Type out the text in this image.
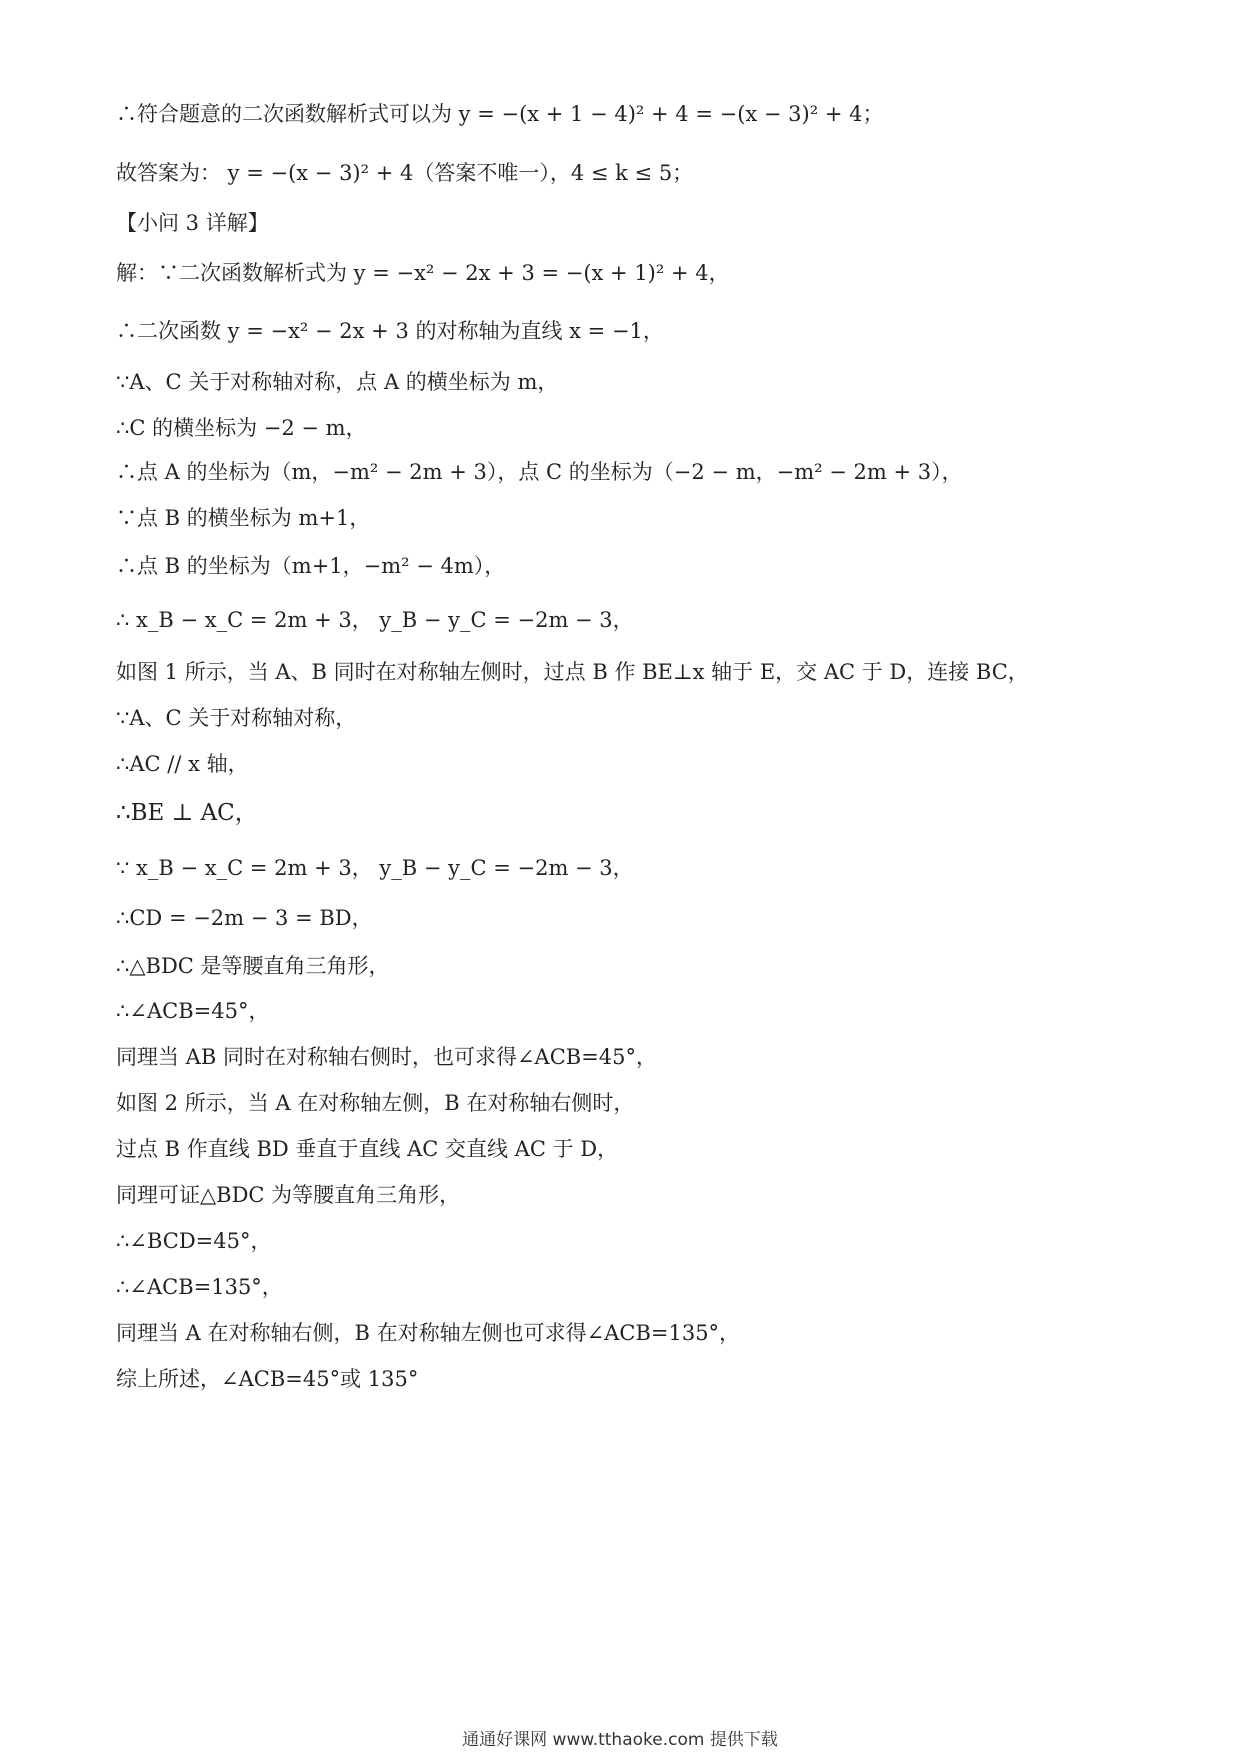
∴符合题意的二次函数解析式可以为 y = −(x + 1 − 4)² + 4 = −(x − 3)² + 4；
故答案为： y = −(x − 3)² + 4（答案不唯一），4 ≤ k ≤ 5；
【小问 3 详解】
解：∵二次函数解析式为 y = −x² − 2x + 3 = −(x + 1)² + 4，
∴二次函数 y = −x² − 2x + 3 的对称轴为直线 x = −1，
∵A、C 关于对称轴对称，点 A 的横坐标为 m，
∴C 的横坐标为 −2 − m，
∴点 A 的坐标为（m，−m² − 2m + 3），点 C 的坐标为（−2 − m，−m² − 2m + 3），
∵点 B 的横坐标为 m+1，
∴点 B 的坐标为（m+1，−m² − 4m），
∴ x_B − x_C = 2m + 3， y_B − y_C = −2m − 3，
如图 1 所示，当 A、B 同时在对称轴左侧时，过点 B 作 BE⊥x 轴于 E，交 AC 于 D，连接 BC，
∵A、C 关于对称轴对称，
∴AC // x 轴，
∴BE ⊥ AC，
∵ x_B − x_C = 2m + 3， y_B − y_C = −2m − 3，
∴CD = −2m − 3 = BD，
∴△BDC 是等腰直角三角形，
∴∠ACB=45°，
同理当 AB 同时在对称轴右侧时，也可求得∠ACB=45°，
如图 2 所示，当 A 在对称轴左侧，B 在对称轴右侧时，
过点 B 作直线 BD 垂直于直线 AC 交直线 AC 于 D，
同理可证△BDC 为等腰直角三角形，
∴∠BCD=45°，
∴∠ACB=135°，
同理当 A 在对称轴右侧，B 在对称轴左侧也可求得∠ACB=135°，
综上所述，∠ACB=45°或 135°
通通好课网 www.tthaoke.com 提供下载
